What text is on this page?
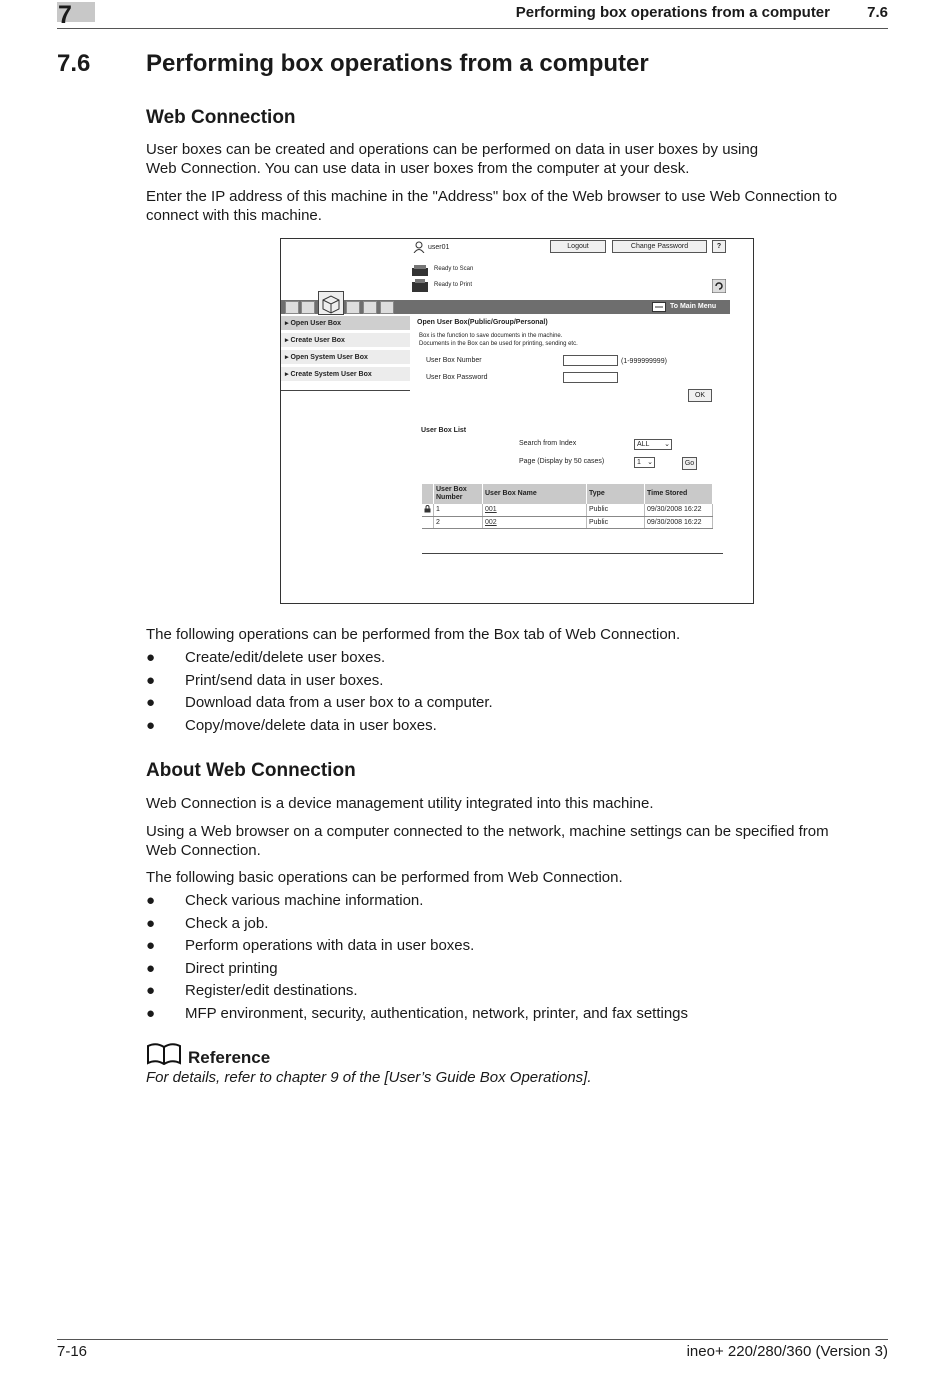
7	Performing box operations from a computer 7.6
7.6 Performing box operations from a computer
Web Connection
User boxes can be created and operations can be performed on data in user boxes by using
Web Connection. You can use data in user boxes from the computer at your desk.
Enter the IP address of this machine in the "Address" box of the Web browser to use Web Connection to
connect with this machine.
user01	Logout	Change Password	?
Ready to Scan
Ready to Print
To Main Menu
▸ Open User Box
▸ Create User Box
▸ Open System User Box
▸ Create System User Box
Open User Box(Public/Group/Personal)
Box is the function to save documents in the machine.
Documents in the Box can be used for printing, sending etc.
User Box Number	(1-999999999)
User Box Password
OK
User Box List
Search from Index	ALL ⌄
Page (Display by 50 cases)	1 ⌄	Go
	User Box Number	User Box Name	Type	Time Stored
	1	001	Public	09/30/2008 16:22
	2	002	Public	09/30/2008 16:22
The following operations can be performed from the Box tab of Web Connection.
● Create/edit/delete user boxes.
● Print/send data in user boxes.
● Download data from a user box to a computer.
● Copy/move/delete data in user boxes.
About Web Connection
Web Connection is a device management utility integrated into this machine.
Using a Web browser on a computer connected to the network, machine settings can be specified from
Web Connection.
The following basic operations can be performed from Web Connection.
● Check various machine information.
● Check a job.
● Perform operations with data in user boxes.
● Direct printing
● Register/edit destinations.
● MFP environment, security, authentication, network, printer, and fax settings
Reference
For details, refer to chapter 9 of the [User’s Guide Box Operations].
7-16	ineo+ 220/280/360 (Version 3)
